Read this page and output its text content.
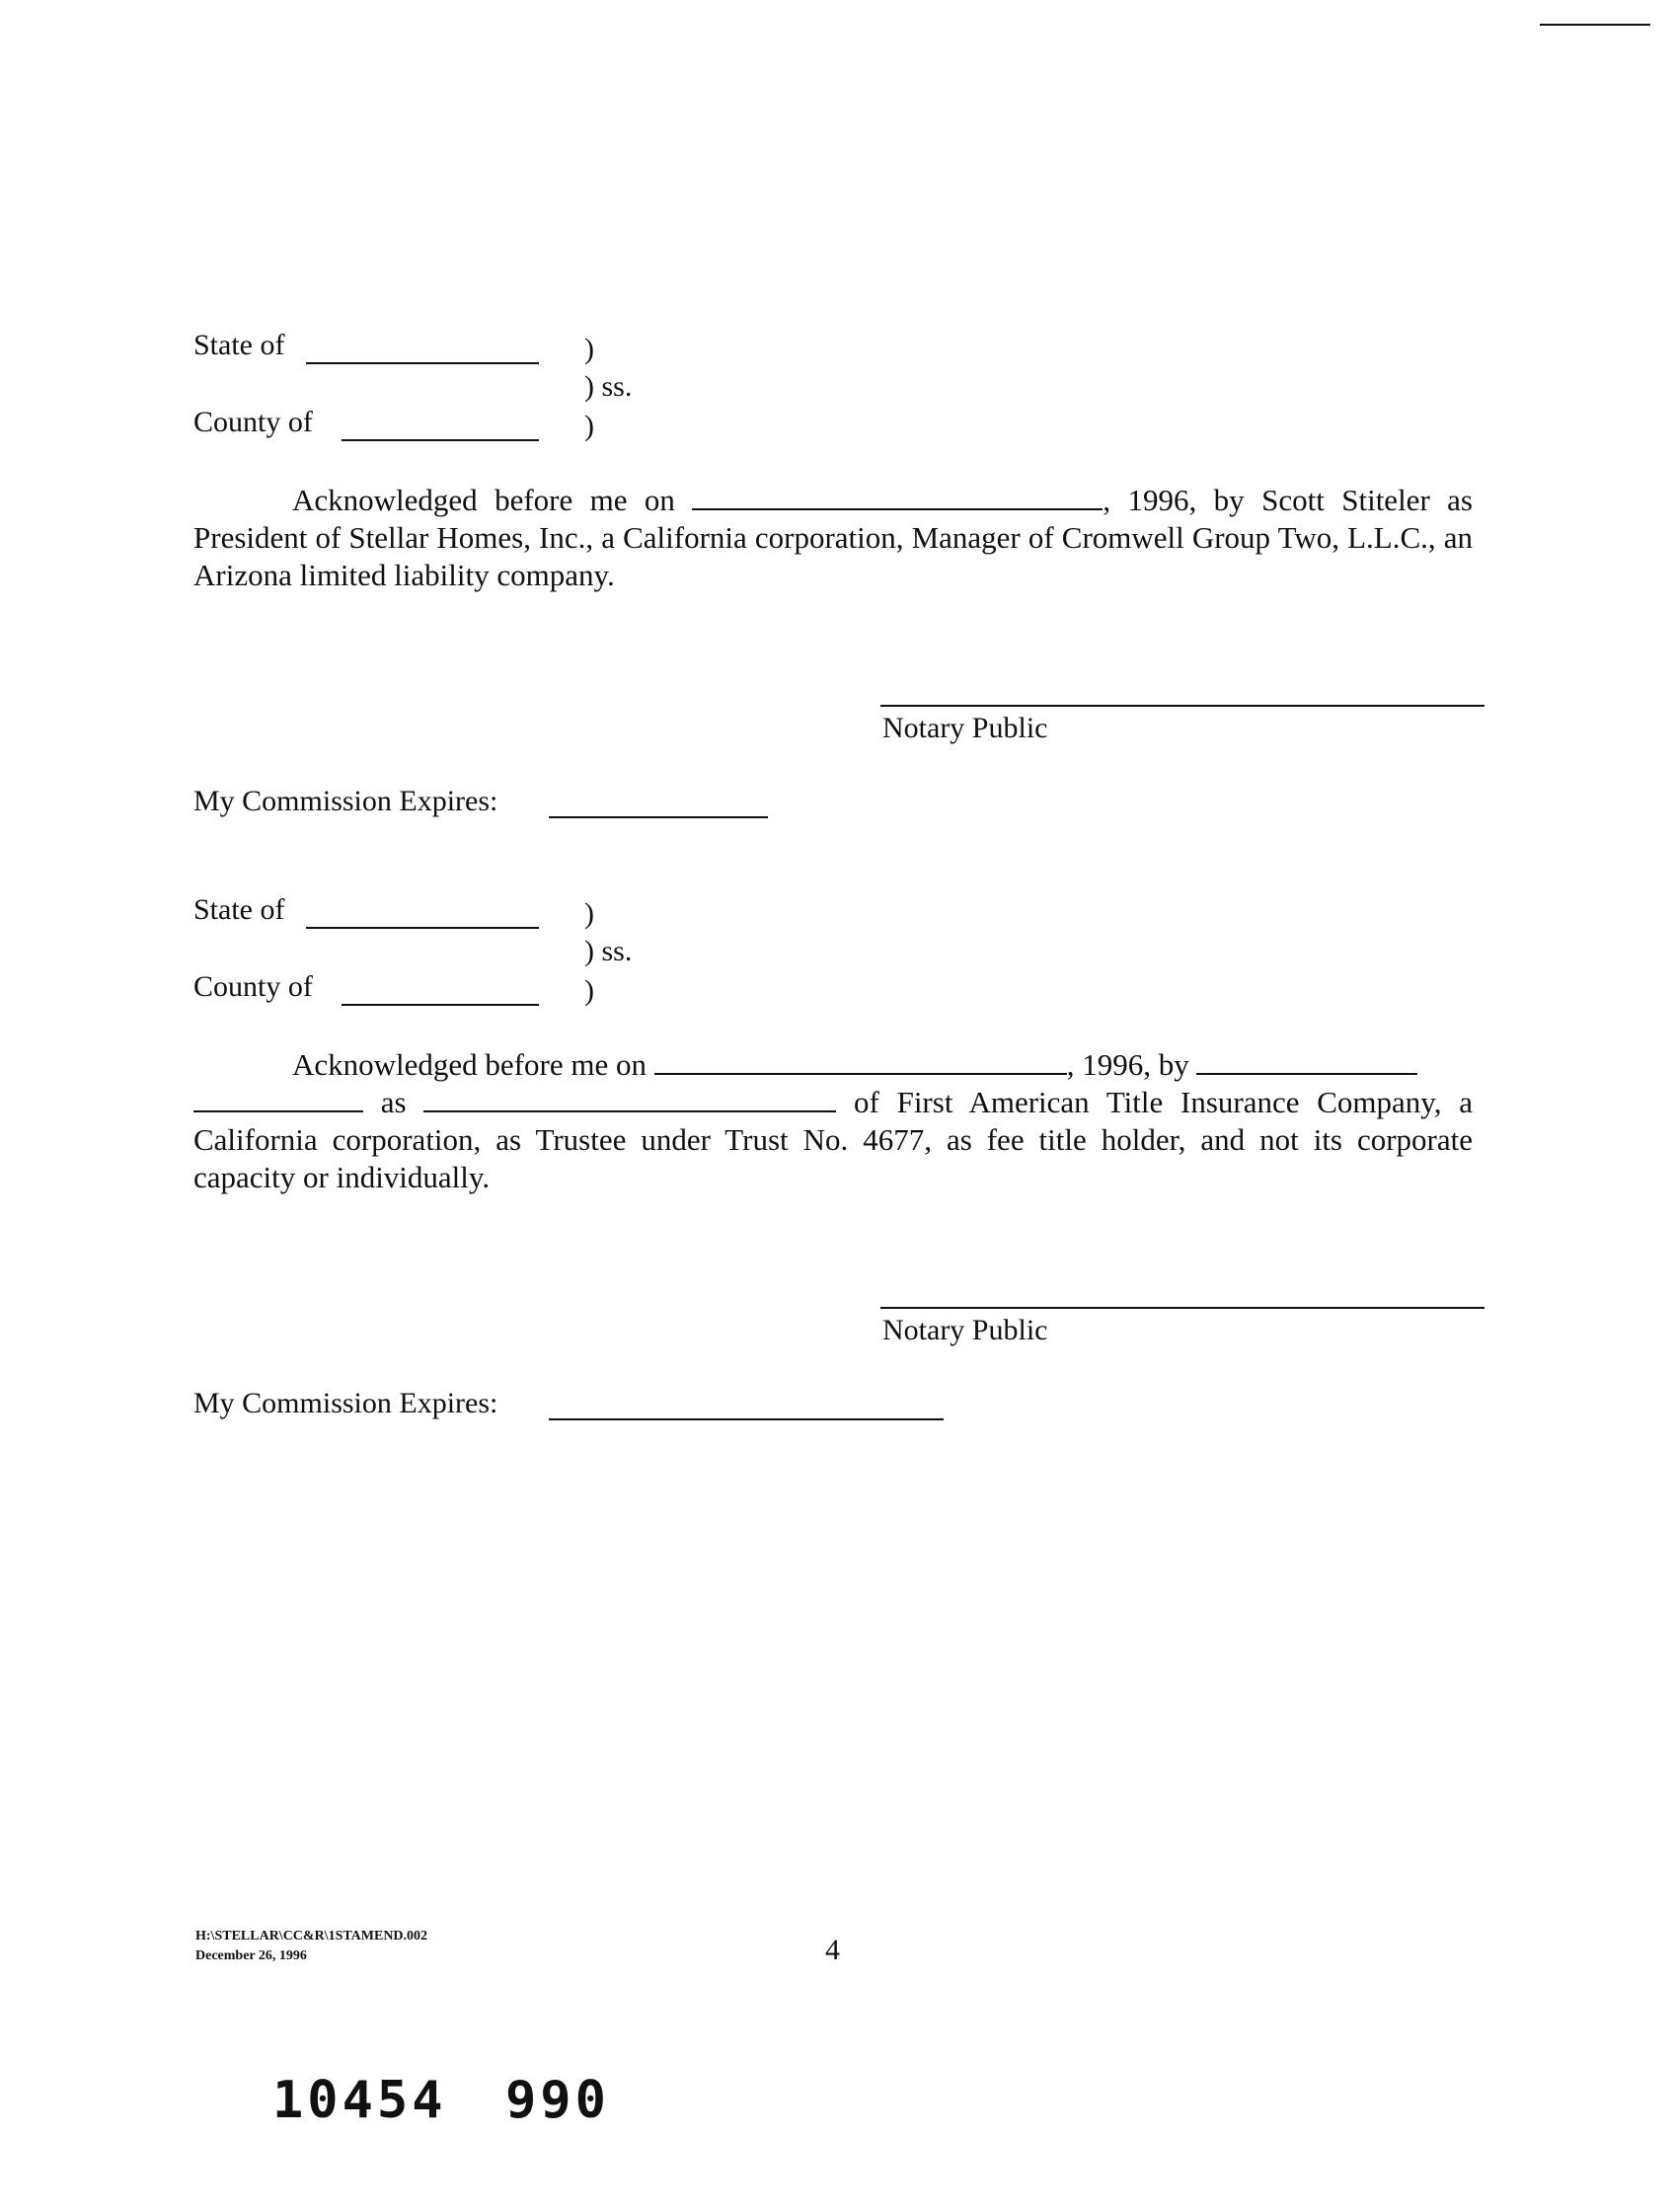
State of	)
) ss.
County of	)
Acknowledged before me on	, 1996, by Scott Stiteler as President of Stellar Homes, Inc., a California corporation, Manager of Cromwell Group Two, L.L.C., an Arizona limited liability company.
Notary Public
My Commission Expires:
State of	)
) ss.
County of	)
Acknowledged before me on	, 1996, by
as	of First American Title Insurance Company, a California corporation, as Trustee under Trust No. 4677, as fee title holder, and not its corporate capacity or individually.
Notary Public
My Commission Expires:
H:\STELLAR\CC&R\1STAMEND.002
December 26, 1996	4
10454 990
